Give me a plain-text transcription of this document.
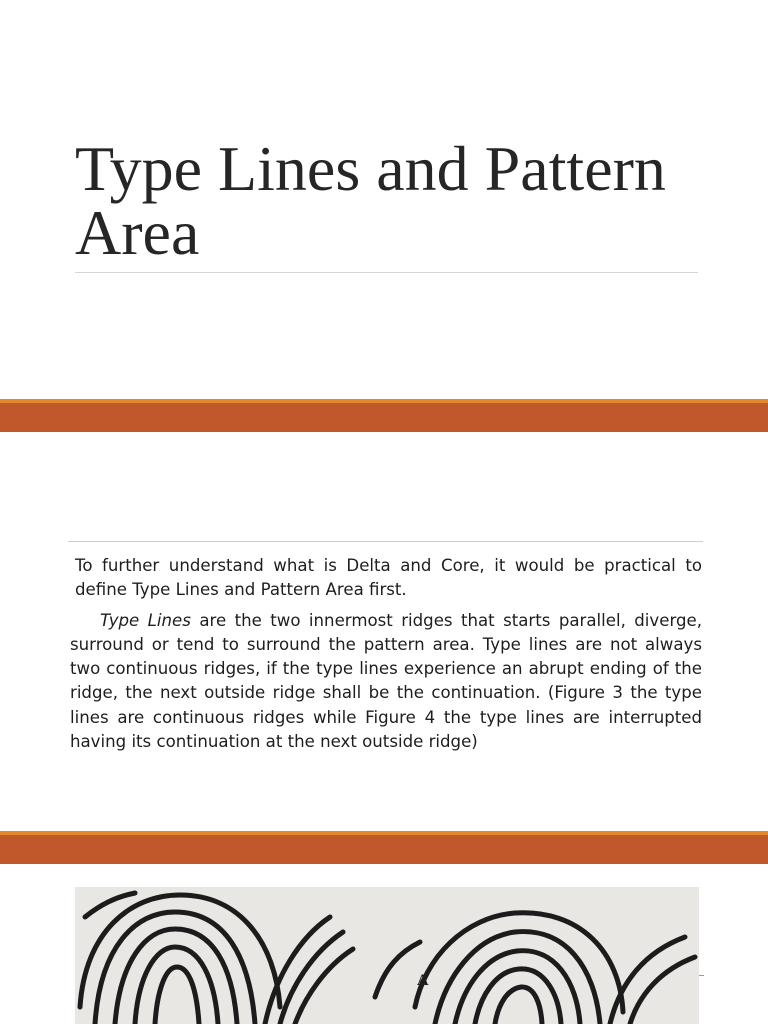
Type Lines and Pattern Area

To further understand what is Delta and Core, it would be practical to define Type Lines and Pattern Area first.

Type Lines are the two innermost ridges that starts parallel, diverge, surround or tend to surround the pattern area. Type lines are not always two continuous ridges, if the type lines experience an abrupt ending of the ridge, the next outside ridge shall be the continuation. (Figure 3 the type lines are continuous ridges while Figure 4 the type lines are interrupted having its continuation at the next outside ridge)

A
